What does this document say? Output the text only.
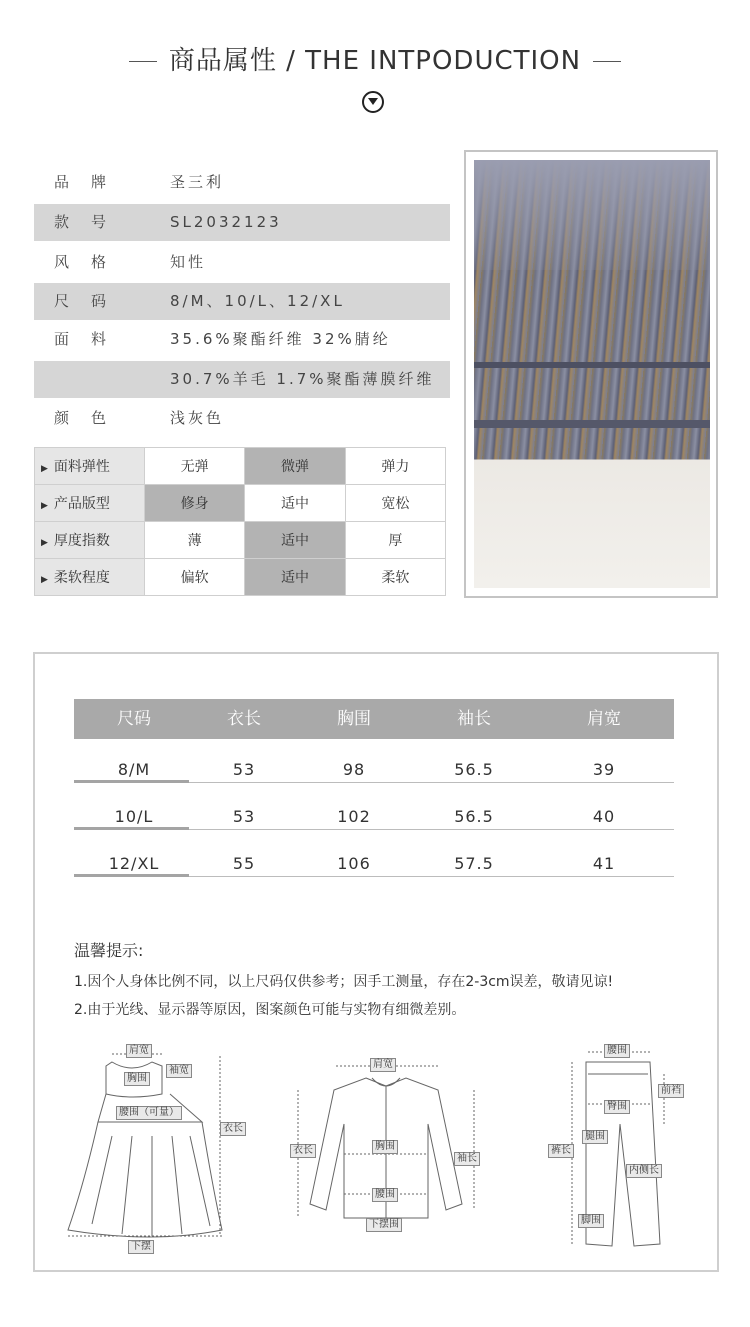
商品属性 / THE INTPODUCTION
品牌	圣三利
款号	SL2032123
风格	知性
尺码	8/M、10/L、12/XL
面料	35.6%聚酯纤维 32%腈纶
30.7%羊毛 1.7%聚酯薄膜纤维
颜色	浅灰色
▶ 面料弹性	无弹	微弹	弹力
▶ 产品版型	修身	适中	宽松
▶ 厚度指数	薄	适中	厚
▶ 柔软程度	偏软	适中	柔软
尺码	衣长	胸围	袖长	肩宽
8/M	53	98	56.5	39
10/L	53	102	56.5	40
12/XL	55	106	57.5	41
温馨提示:
1.因个人身体比例不同，以上尺码仅供参考；因手工测量，存在2-3cm误差，敬请见谅!
2.由于光线、显示器等原因，图案颜色可能与实物有细微差别。
肩宽
袖宽
胸围
腰围（可量）
衣长
下摆
肩宽
衣长	胸围
袖长
腰围
下摆围
腰围
前裆
臀围
腿围
裤长
内侧长
脚围
